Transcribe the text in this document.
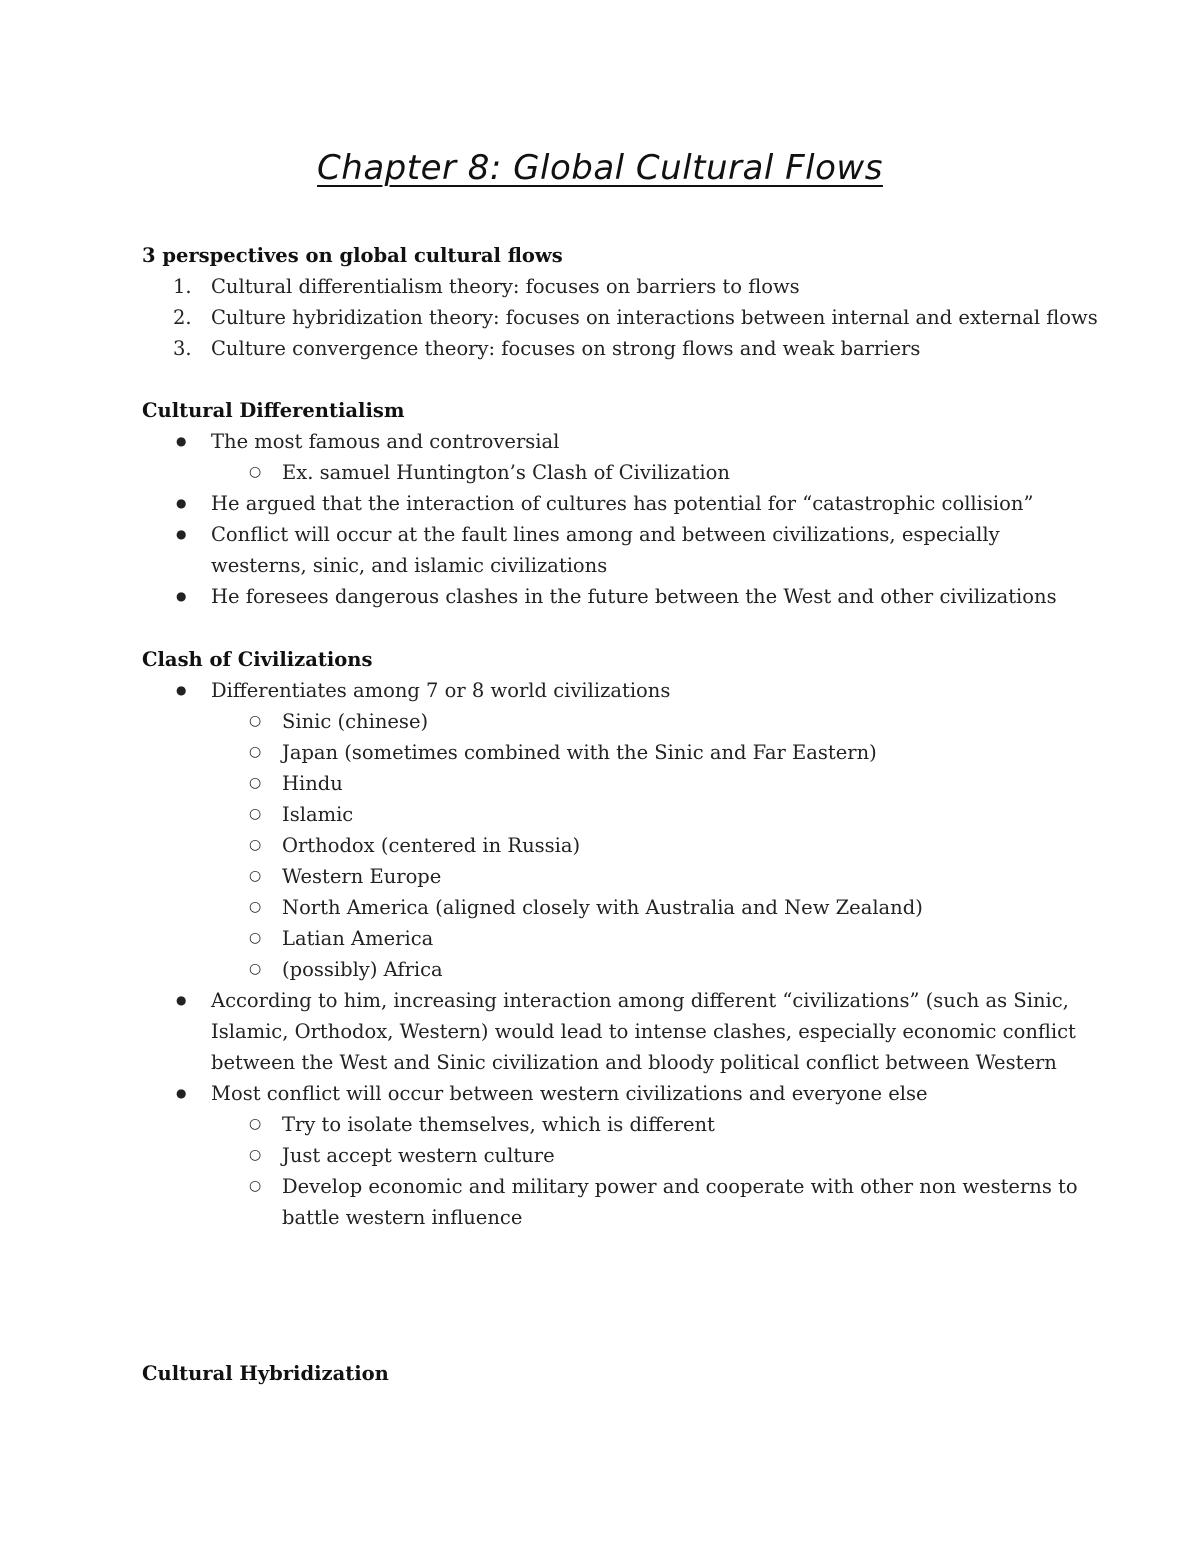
Chapter 8: Global Cultural Flows
3 perspectives on global cultural flows
1. Cultural differentialism theory: focuses on barriers to flows
2. Culture hybridization theory: focuses on interactions between internal and external flows
3. Culture convergence theory: focuses on strong flows and weak barriers
Cultural Differentialism
● The most famous and controversial
○ Ex. samuel Huntington’s Clash of Civilization
● He argued that the interaction of cultures has potential for “catastrophic collision”
● Conflict will occur at the fault lines among and between civilizations, especially
westerns, sinic, and islamic civilizations
● He foresees dangerous clashes in the future between the West and other civilizations
Clash of Civilizations
● Differentiates among 7 or 8 world civilizations
○ Sinic (chinese)
○ Japan (sometimes combined with the Sinic and Far Eastern)
○ Hindu
○ Islamic
○ Orthodox (centered in Russia)
○ Western Europe
○ North America (aligned closely with Australia and New Zealand)
○ Latian America
○ (possibly) Africa
● According to him, increasing interaction among different “civilizations” (such as Sinic,
Islamic, Orthodox, Western) would lead to intense clashes, especially economic conflict
between the West and Sinic civilization and bloody political conflict between Western
● Most conflict will occur between western civilizations and everyone else
○ Try to isolate themselves, which is different
○ Just accept western culture
○ Develop economic and military power and cooperate with other non westerns to
battle western influence
Cultural Hybridization
